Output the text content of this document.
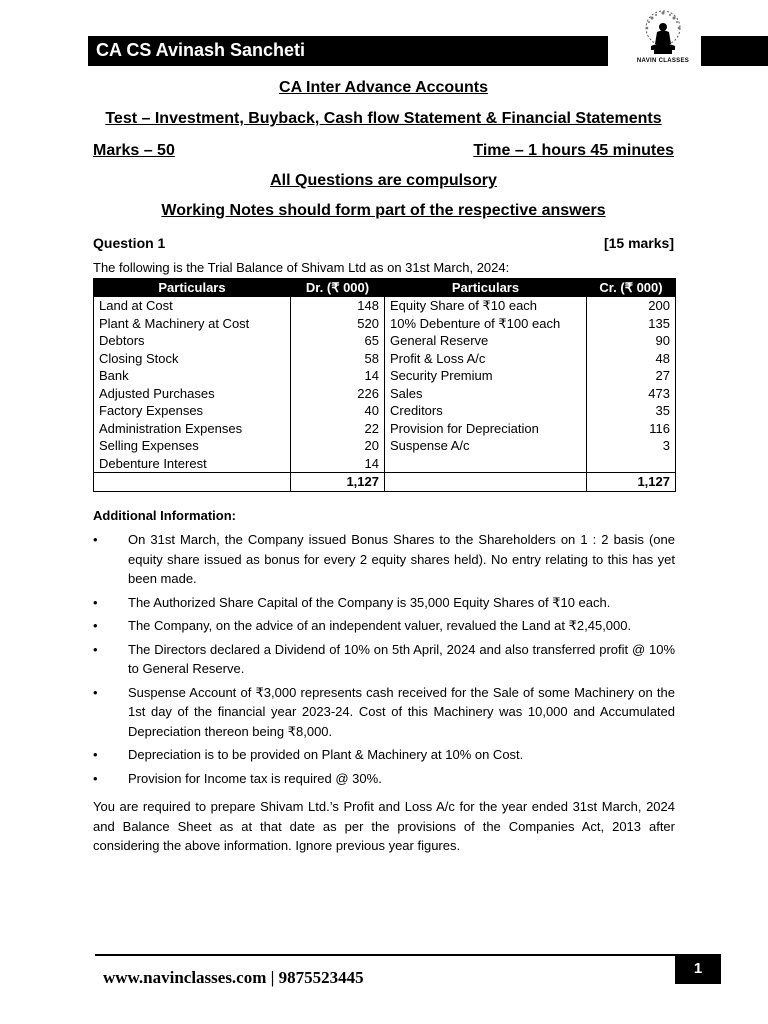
CA CS Avinash Sancheti
NAVIN CLASSES
CA Inter Advance Accounts
Test – Investment, Buyback, Cash flow Statement & Financial Statements
Marks – 50	Time – 1 hours 45 minutes
All Questions are compulsory
Working Notes should form part of the respective answers
Question 1	[15 marks]
The following is the Trial Balance of Shivam Ltd as on 31st March, 2024:
Particulars	Dr. (₹ 000)	Particulars	Cr. (₹ 000)
Land at Cost	148	Equity Share of ₹10 each	200
Plant & Machinery at Cost	520	10% Debenture of ₹100 each	135
Debtors	65	General Reserve	90
Closing Stock	58	Profit & Loss A/c	48
Bank	14	Security Premium	27
Adjusted Purchases	226	Sales	473
Factory Expenses	40	Creditors	35
Administration Expenses	22	Provision for Depreciation	116
Selling Expenses	20	Suspense A/c	3
Debenture Interest	14		
	1,127		1,127
Additional Information:
• On 31st March, the Company issued Bonus Shares to the Shareholders on 1 : 2 basis (one equity share issued as bonus for every 2 equity shares held). No entry relating to this has yet been made.
• The Authorized Share Capital of the Company is 35,000 Equity Shares of ₹10 each.
• The Company, on the advice of an independent valuer, revalued the Land at ₹2,45,000.
• The Directors declared a Dividend of 10% on 5th April, 2024 and also transferred profit @ 10% to General Reserve.
• Suspense Account of ₹3,000 represents cash received for the Sale of some Machinery on the 1st day of the financial year 2023-24. Cost of this Machinery was 10,000 and Accumulated Depreciation thereon being ₹8,000.
• Depreciation is to be provided on Plant & Machinery at 10% on Cost.
• Provision for Income tax is required @ 30%.
You are required to prepare Shivam Ltd.’s Profit and Loss A/c for the year ended 31st March, 2024 and Balance Sheet as at that date as per the provisions of the Companies Act, 2013 after considering the above information. Ignore previous year figures.
www.navinclasses.com | 9875523445	1
